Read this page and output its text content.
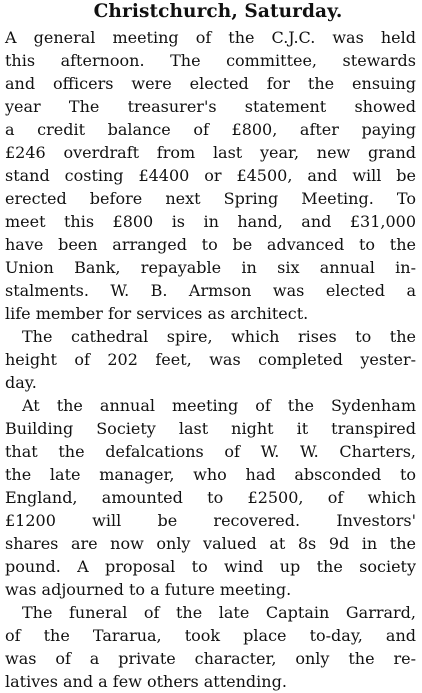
Christchurch, Saturday.
A general meeting of the C.J.C. was held
this afternoon. The committee, stewards
and officers were elected for the ensuing
year The treasurer's statement showed
a credit balance of £800, after paying
£246 overdraft from last year, new grand
stand costing £4400 or £4500, and will be
erected before next Spring Meeting. To
meet this £800 is in hand, and £31,000
have been arranged to be advanced to the
Union Bank, repayable in six annual in-
stalments. W. B. Armson was elected a
life member for services as architect.
The cathedral spire, which rises to the
height of 202 feet, was completed yester-
day.
At the annual meeting of the Sydenham
Building Society last night it transpired
that the defalcations of W. W. Charters,
the late manager, who had absconded to
England, amounted to £2500, of which
£1200 will be recovered. Investors'
shares are now only valued at 8s 9d in the
pound. A proposal to wind up the society
was adjourned to a future meeting.
The funeral of the late Captain Garrard,
of the Tararua, took place to-day, and
was of a private character, only the re-
latives and a few others attending.
